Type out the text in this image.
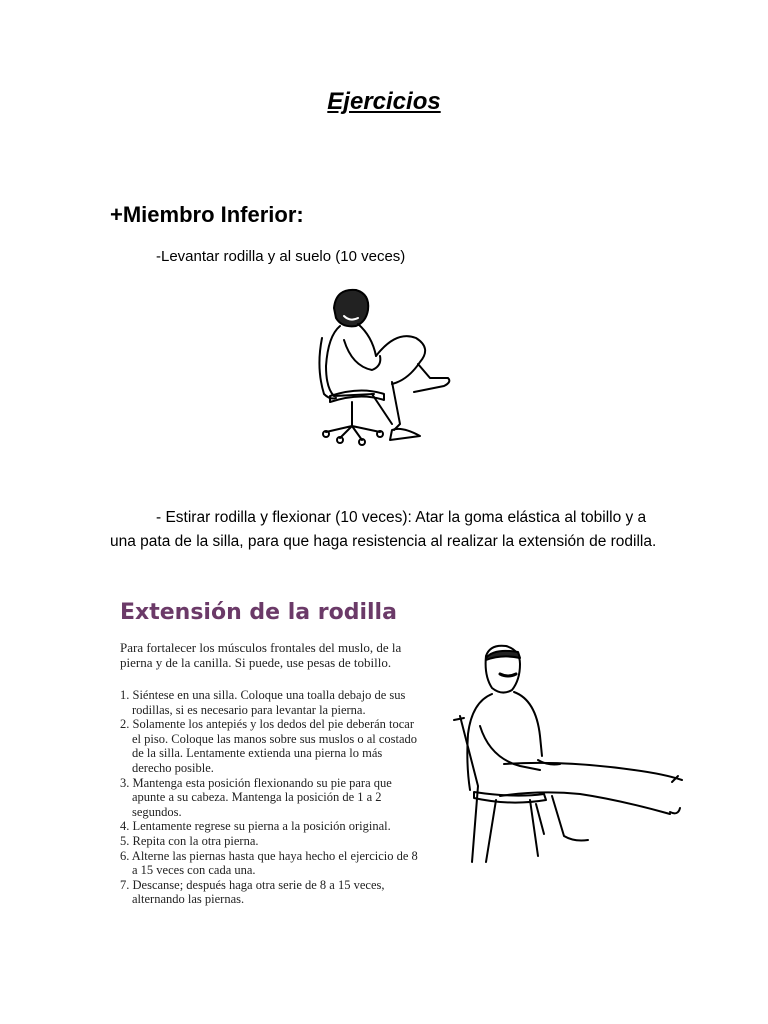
Ejercicios
+Miembro Inferior:
-Levantar rodilla y al suelo (10 veces)
- Estirar rodilla y flexionar (10 veces): Atar la goma elástica al tobillo y a una pata de la silla, para que haga resistencia al realizar la extensión de rodilla.
Extensión de la rodilla
Para fortalecer los músculos frontales del muslo, de la pierna y de la canilla. Si puede, use pesas de tobillo.
1. Siéntese en una silla. Coloque una toalla debajo de sus rodillas, si es necesario para levantar la pierna.
2. Solamente los antepiés y los dedos del pie deberán tocar el piso. Coloque las manos sobre sus muslos o al costado de la silla. Lentamente extienda una pierna lo más derecho posible.
3. Mantenga esta posición flexionando su pie para que apunte a su cabeza. Mantenga la posición de 1 a 2 segundos.
4. Lentamente regrese su pierna a la posición original.
5. Repita con la otra pierna.
6. Alterne las piernas hasta que haya hecho el ejercicio de 8 a 15 veces con cada una.
7. Descanse; después haga otra serie de 8 a 15 veces, alternando las piernas.
